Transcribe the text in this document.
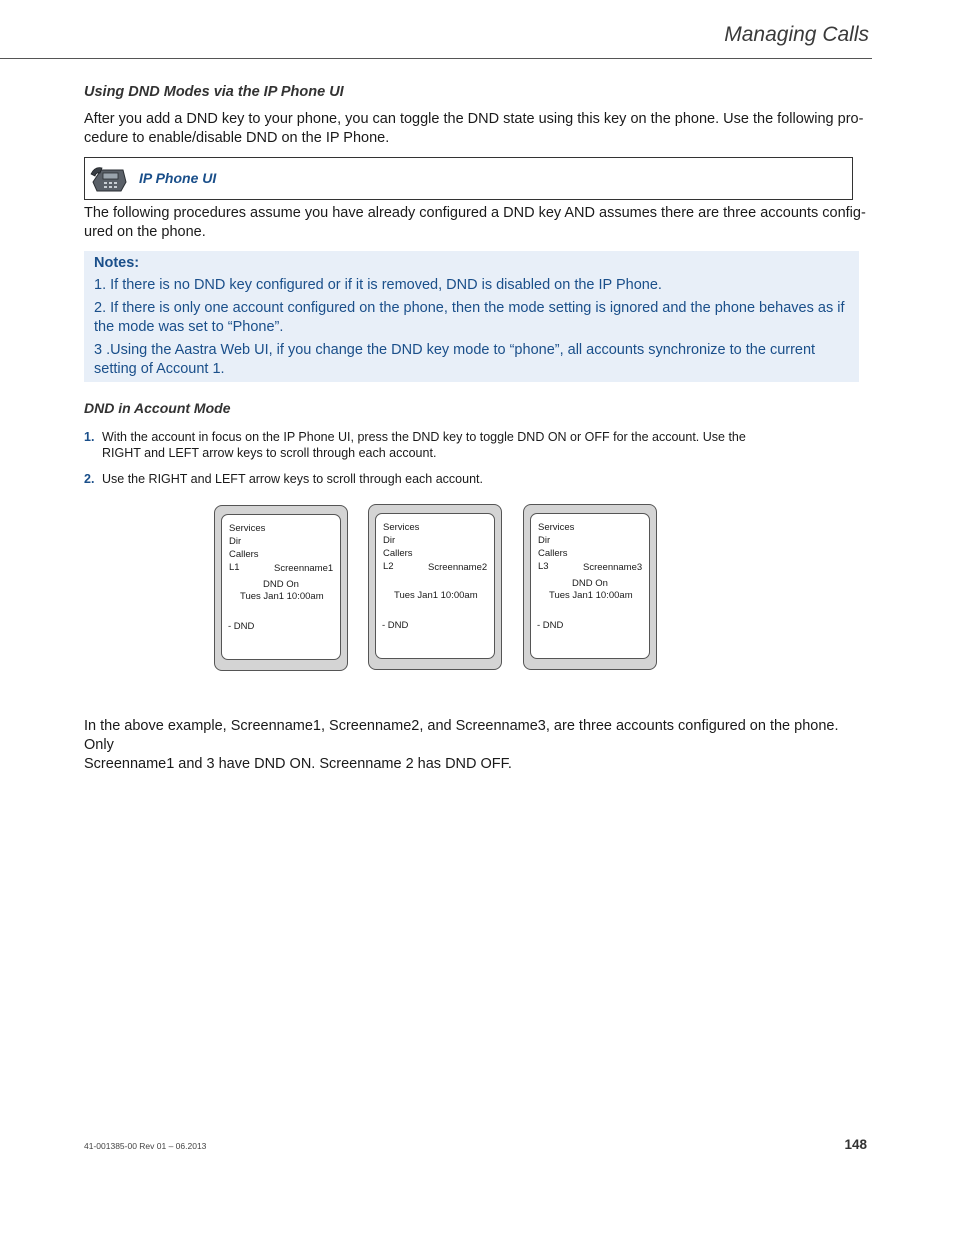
Managing Calls
Using DND Modes via the IP Phone UI
After you add a DND key to your phone, you can toggle the DND state using this key on the phone. Use the following pro-
cedure to enable/disable DND on the IP Phone.
IP Phone UI
The following procedures assume you have already configured a DND key AND assumes there are three accounts config-
ured on the phone.
Notes:
1. If there is no DND key configured or if it is removed, DND is disabled on the IP Phone.
2. If there is only one account configured on the phone, then the mode setting is ignored and the phone behaves as if the mode was set to “Phone”.
3 .Using the Aastra Web UI, if you change the DND key mode to “phone”, all accounts synchronize to the current setting of Account 1.
DND in Account Mode
1. With the account in focus on the IP Phone UI, press the DND key to toggle DND ON or OFF for the account. Use the RIGHT and LEFT arrow keys to scroll through each account.
2. Use the RIGHT and LEFT arrow keys to scroll through each account.
Services
Dir
Callers
L1	Screenname1
DND On
Tues Jan1 10:00am
- DND
Services
Dir
Callers
L2	Screenname2
Tues Jan1 10:00am
- DND
Services
Dir
Callers
L3	Screenname3
DND On
Tues Jan1 10:00am
- DND
In the above example, Screenname1, Screenname2, and Screenname3, are three accounts configured on the phone. Only
Screenname1 and 3 have DND ON. Screenname 2 has DND OFF.
41-001385-00 Rev 01 – 06.2013	148
